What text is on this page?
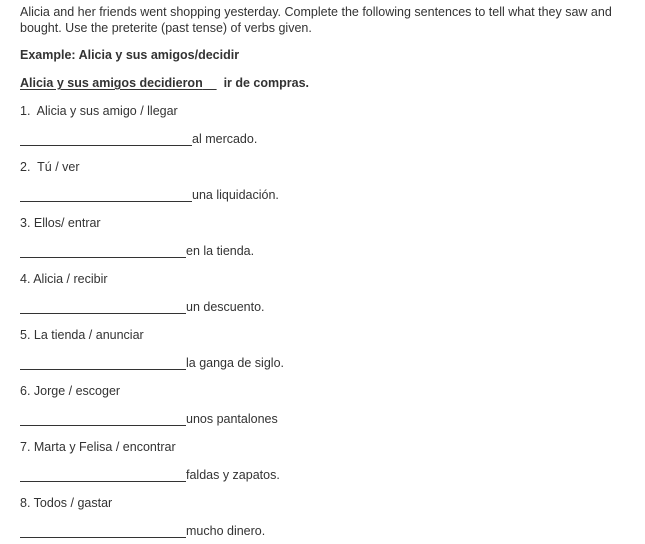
Alicia and her friends went shopping yesterday. Complete the following sentences to tell what they saw and bought. Use the preterite (past tense) of verbs given.

Example: Alicia y sus amigos/decidir

Alicia y sus amigos decidieron ir de compras.

1.  Alicia y sus amigo / llegar

al mercado.

2.  Tú / ver

una liquidación.

3. Ellos/ entrar

en la tienda.

4. Alicia / recibir

un descuento.

5. La tienda / anunciar

la ganga de siglo.

6. Jorge / escoger

unos pantalones

7. Marta y Felisa / encontrar

faldas y zapatos.

8. Todos / gastar

mucho dinero.
